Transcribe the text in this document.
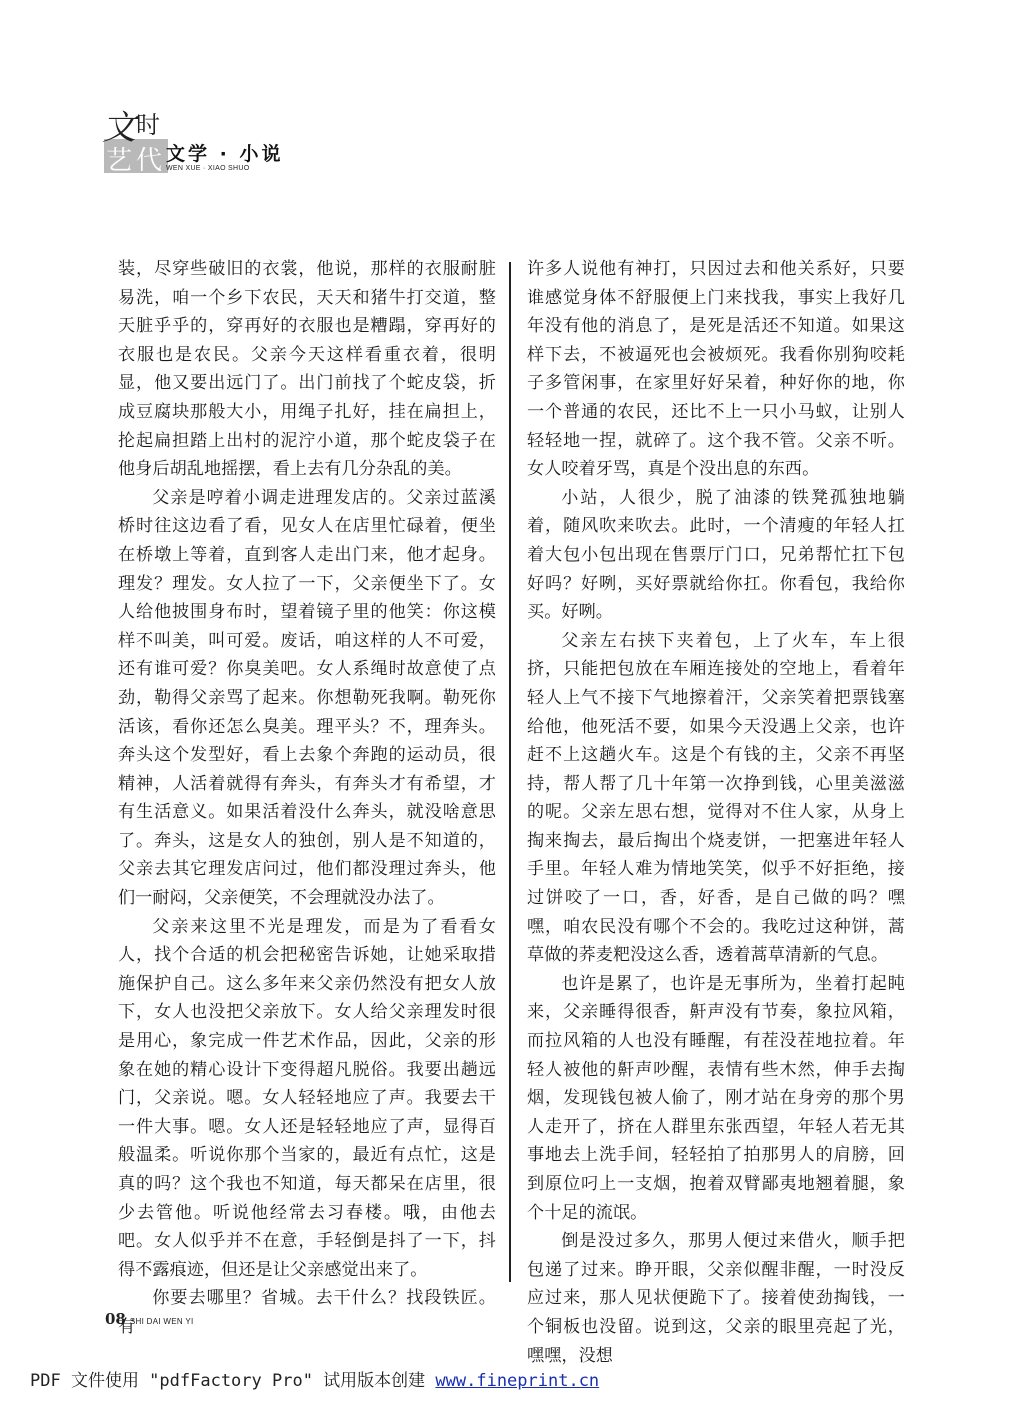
文 时
艺 代 文学 · 小说
WEN XUE · XIAO SHUO

装，尽穿些破旧的衣裳，他说，那样的衣服耐脏易洗，咱一个乡下农民，天天和猪牛打交道，整天脏乎乎的，穿再好的衣服也是糟蹋，穿再好的衣服也是农民。父亲今天这样看重衣着，很明显，他又要出远门了。出门前找了个蛇皮袋，折成豆腐块那般大小，用绳子扎好，挂在扁担上，抡起扁担踏上出村的泥泞小道，那个蛇皮袋子在他身后胡乱地摇摆，看上去有几分杂乱的美。

父亲是哼着小调走进理发店的。父亲过蓝溪桥时往这边看了看，见女人在店里忙碌着，便坐在桥墩上等着，直到客人走出门来，他才起身。理发？理发。女人拉了一下，父亲便坐下了。女人给他披围身布时，望着镜子里的他笑：你这模样不叫美，叫可爱。废话，咱这样的人不可爱，还有谁可爱？你臭美吧。女人系绳时故意使了点劲，勒得父亲骂了起来。你想勒死我啊。勒死你活该，看你还怎么臭美。理平头？不，理奔头。奔头这个发型好，看上去象个奔跑的运动员，很精神，人活着就得有奔头，有奔头才有希望，才有生活意义。如果活着没什么奔头，就没啥意思了。奔头，这是女人的独创，别人是不知道的，父亲去其它理发店问过，他们都没理过奔头，他们一耐闷，父亲便笑，不会理就没办法了。

父亲来这里不光是理发，而是为了看看女人，找个合适的机会把秘密告诉她，让她采取措施保护自己。这么多年来父亲仍然没有把女人放下，女人也没把父亲放下。女人给父亲理发时很是用心，象完成一件艺术作品，因此，父亲的形象在她的精心设计下变得超凡脱俗。我要出趟远门，父亲说。嗯。女人轻轻地应了声。我要去干一件大事。嗯。女人还是轻轻地应了声，显得百般温柔。听说你那个当家的，最近有点忙，这是真的吗？这个我也不知道，每天都呆在店里，很少去管他。听说他经常去习春楼。哦，由他去吧。女人似乎并不在意，手轻倒是抖了一下，抖得不露痕迹，但还是让父亲感觉出来了。

你要去哪里？省城。去干什么？找段铁匠。有

许多人说他有神打，只因过去和他关系好，只要谁感觉身体不舒服便上门来找我，事实上我好几年没有他的消息了，是死是活还不知道。如果这样下去，不被逼死也会被烦死。我看你别狗咬耗子多管闲事，在家里好好呆着，种好你的地，你一个普通的农民，还比不上一只小马蚁，让别人轻轻地一捏，就碎了。这个我不管。父亲不听。女人咬着牙骂，真是个没出息的东西。

小站，人很少，脱了油漆的铁凳孤独地躺着，随风吹来吹去。此时，一个清瘦的年轻人扛着大包小包出现在售票厅门口，兄弟帮忙扛下包好吗？好咧，买好票就给你扛。你看包，我给你买。好咧。

父亲左右挟下夹着包，上了火车，车上很挤，只能把包放在车厢连接处的空地上，看着年轻人上气不接下气地擦着汗，父亲笑着把票钱塞给他，他死活不要，如果今天没遇上父亲，也许赶不上这趟火车。这是个有钱的主，父亲不再坚持，帮人帮了几十年第一次挣到钱，心里美滋滋的呢。父亲左思右想，觉得对不住人家，从身上掏来掏去，最后掏出个烧麦饼，一把塞进年轻人手里。年轻人难为情地笑笑，似乎不好拒绝，接过饼咬了一口，香，好香，是自己做的吗？嘿嘿，咱农民没有哪个不会的。我吃过这种饼，蒿草做的荞麦粑没这么香，透着蒿草清新的气息。

也许是累了，也许是无事所为，坐着打起盹来，父亲睡得很香，鼾声没有节奏，象拉风箱，而拉风箱的人也没有睡醒，有茬没茬地拉着。年轻人被他的鼾声吵醒，表情有些木然，伸手去掏烟，发现钱包被人偷了，刚才站在身旁的那个男人走开了，挤在人群里东张西望，年轻人若无其事地去上洗手间，轻轻拍了拍那男人的肩膀，回到原位叼上一支烟，抱着双臂鄙夷地翘着腿，象个十足的流氓。

倒是没过多久，那男人便过来借火，顺手把包递了过来。睁开眼，父亲似醒非醒，一时没反应过来，那人见状便跪下了。接着使劲掏钱，一个铜板也没留。说到这，父亲的眼里亮起了光，嘿嘿，没想

08 SHI DAI WEN YI
PDF 文件使用 "pdfFactory Pro" 试用版本创建 www.fineprint.cn
